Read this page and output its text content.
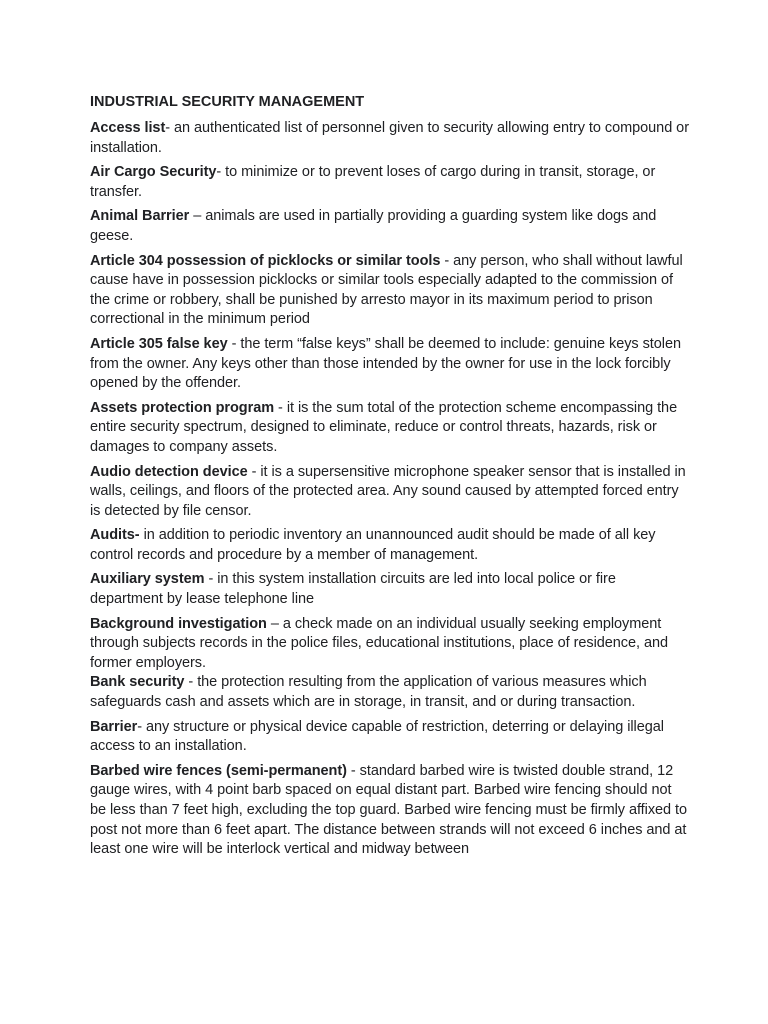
INDUSTRIAL SECURITY MANAGEMENT

Access list- an authenticated list of personnel given to security allowing entry to compound or installation.

Air Cargo Security- to minimize or to prevent loses of cargo during in transit, storage, or transfer.

Animal Barrier – animals are used in partially providing a guarding system like dogs and geese.

Article 304 possession of picklocks or similar tools - any person, who shall without lawful cause have in possession picklocks or similar tools especially adapted to the commission of the crime or robbery, shall be punished by arresto mayor in its maximum period to prison correctional in the minimum period

Article 305 false key - the term “false keys” shall be deemed to include: genuine keys stolen from the owner. Any keys other than those intended by the owner for use in the lock forcibly opened by the offender.

Assets protection program - it is the sum total of the protection scheme encompassing the entire security spectrum, designed to eliminate, reduce or control threats, hazards, risk or damages to company assets.

Audio detection device - it is a supersensitive microphone speaker sensor that is installed in walls, ceilings, and floors of the protected area. Any sound caused by attempted forced entry is detected by file censor.

Audits- in addition to periodic inventory an unannounced audit should be made of all key control records and procedure by a member of management.

Auxiliary system - in this system installation circuits are led into local police or fire department by lease telephone line

Background investigation – a check made on an individual usually seeking employment through subjects records in the police files, educational institutions, place of residence, and former employers.

Bank security - the protection resulting from the application of various measures which safeguards cash and assets which are in storage, in transit, and or during transaction.

Barrier- any structure or physical device capable of restriction, deterring or delaying illegal access to an installation.

Barbed wire fences (semi-permanent) - standard barbed wire is twisted double strand, 12 gauge wires, with 4 point barb spaced on equal distant part. Barbed wire fencing should not be less than 7 feet high, excluding the top guard. Barbed wire fencing must be firmly affixed to post not more than 6 feet apart. The distance between strands will not exceed 6 inches and at least one wire will be interlock vertical and midway between
